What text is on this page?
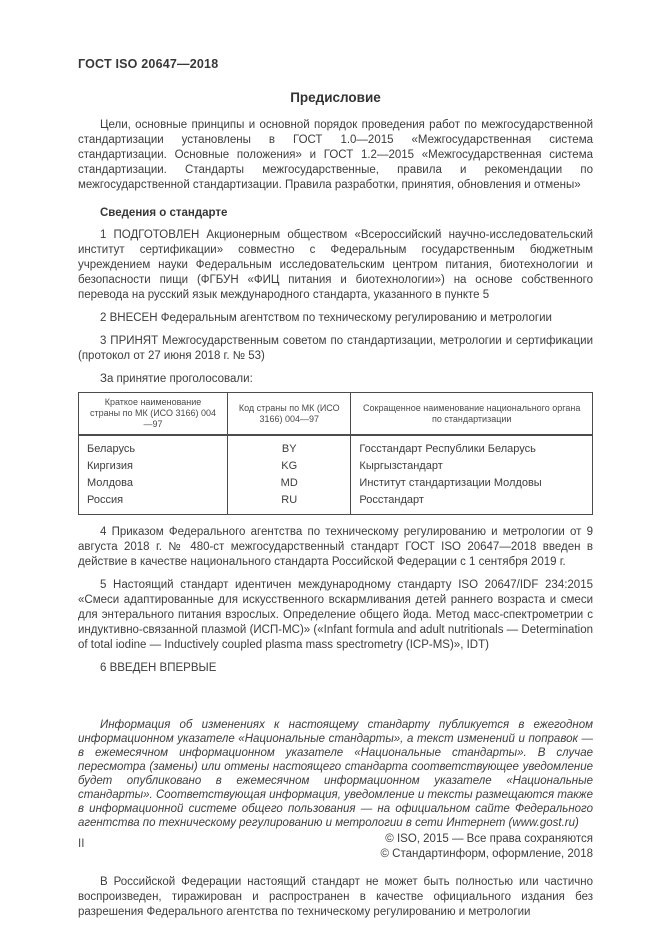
ГОСТ ISO 20647—2018
Предисловие

Цели, основные принципы и основной порядок проведения работ по межгосударственной стандартизации установлены в ГОСТ 1.0—2015 «Межгосударственная система стандартизации. Основные положения» и ГОСТ 1.2—2015 «Межгосударственная система стандартизации. Стандарты межгосударственные, правила и рекомендации по межгосударственной стандартизации. Правила разработки, принятия, обновления и отмены»

Сведения о стандарте

1 ПОДГОТОВЛЕН Акционерным обществом «Всероссийский научно-исследовательский институт сертификации» совместно с Федеральным государственным бюджетным учреждением науки Федеральным исследовательским центром питания, биотехнологии и безопасности пищи (ФГБУН «ФИЦ питания и биотехнологии») на основе собственного перевода на русский язык международного стандарта, указанного в пункте 5

2 ВНЕСЕН Федеральным агентством по техническому регулированию и метрологии

3 ПРИНЯТ Межгосударственным советом по стандартизации, метрологии и сертификации (протокол от 27 июня 2018 г. № 53)

За принятие проголосовали:
Краткое наименование страны по МК (ИСО 3166) 004—97	Код страны по МК (ИСО 3166) 004—97	Сокращенное наименование национального органа по стандартизации
Беларусь	BY	Госстандарт Республики Беларусь
Киргизия	KG	Кыргызстандарт
Молдова	MD	Институт стандартизации Молдовы
Россия	RU	Росстандарт

4 Приказом Федерального агентства по техническому регулированию и метрологии от 9 августа 2018 г. № 480-ст межгосударственный стандарт ГОСТ ISO 20647—2018 введен в действие в качестве национального стандарта Российской Федерации с 1 сентября 2019 г.

5 Настоящий стандарт идентичен международному стандарту ISO 20647/IDF 234:2015 «Смеси адаптированные для искусственного вскармливания детей раннего возраста и смеси для энтерального питания взрослых. Определение общего йода. Метод масс-спектрометрии с индуктивно-связанной плазмой (ИСП-МС)» («Infant formula and adult nutritionals — Determination of total iodine — Inductively coupled plasma mass spectrometry (ICP-MS)», IDT)

6 ВВЕДЕН ВПЕРВЫЕ

Информация об изменениях к настоящему стандарту публикуется в ежегодном информационном указателе «Национальные стандарты», а текст изменений и поправок — в ежемесячном информационном указателе «Национальные стандарты». В случае пересмотра (замены) или отмены настоящего стандарта соответствующее уведомление будет опубликовано в ежемесячном информационном указателе «Национальные стандарты». Соответствующая информация, уведомление и тексты размещаются также в информационной системе общего пользования — на официальном сайте Федерального агентства по техническому регулированию и метрологии в сети Интернет (www.gost.ru)

© ISO, 2015 — Все права сохраняются
© Стандартинформ, оформление, 2018

В Российской Федерации настоящий стандарт не может быть полностью или частично воспроизведен, тиражирован и распространен в качестве официального издания без разрешения Федерального агентства по техническому регулированию и метрологии

II
